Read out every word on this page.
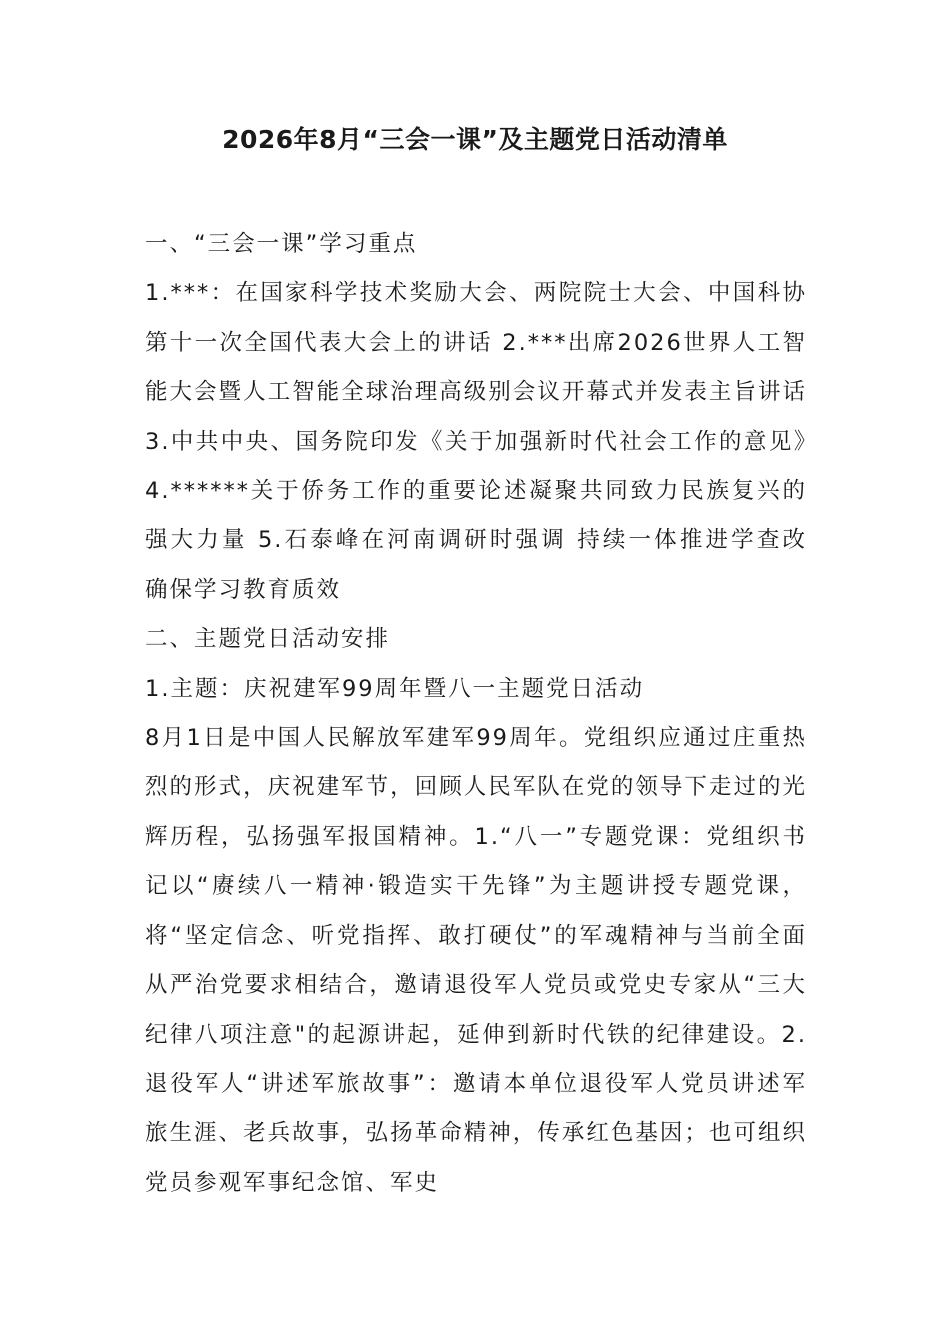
2026年8月“三会一课”及主题党日活动清单

一、“三会一课”学习重点

1.***：在国家科学技术奖励大会、两院院士大会、中国科协第十一次全国代表大会上的讲话 2.***出席2026世界人工智能大会暨人工智能全球治理高级别会议开幕式并发表主旨讲话 3.中共中央、国务院印发《关于加强新时代社会工作的意见》4.******关于侨务工作的重要论述凝聚共同致力民族复兴的强大力量 5.石泰峰在河南调研时强调 持续一体推进学查改 确保学习教育质效

二、主题党日活动安排

1.主题：庆祝建军99周年暨八一主题党日活动

8月1日是中国人民解放军建军99周年。党组织应通过庄重热烈的形式，庆祝建军节，回顾人民军队在党的领导下走过的光辉历程，弘扬强军报国精神。1.“八一”专题党课：党组织书记以“赓续八一精神·锻造实干先锋”为主题讲授专题党课，将“坚定信念、听党指挥、敢打硬仗”的军魂精神与当前全面从严治党要求相结合，邀请退役军人党员或党史专家从“三大纪律八项注意"的起源讲起，延伸到新时代铁的纪律建设。2.退役军人“讲述军旅故事”：邀请本单位退役军人党员讲述军旅生涯、老兵故事，弘扬革命精神，传承红色基因；也可组织党员参观军事纪念馆、军史
